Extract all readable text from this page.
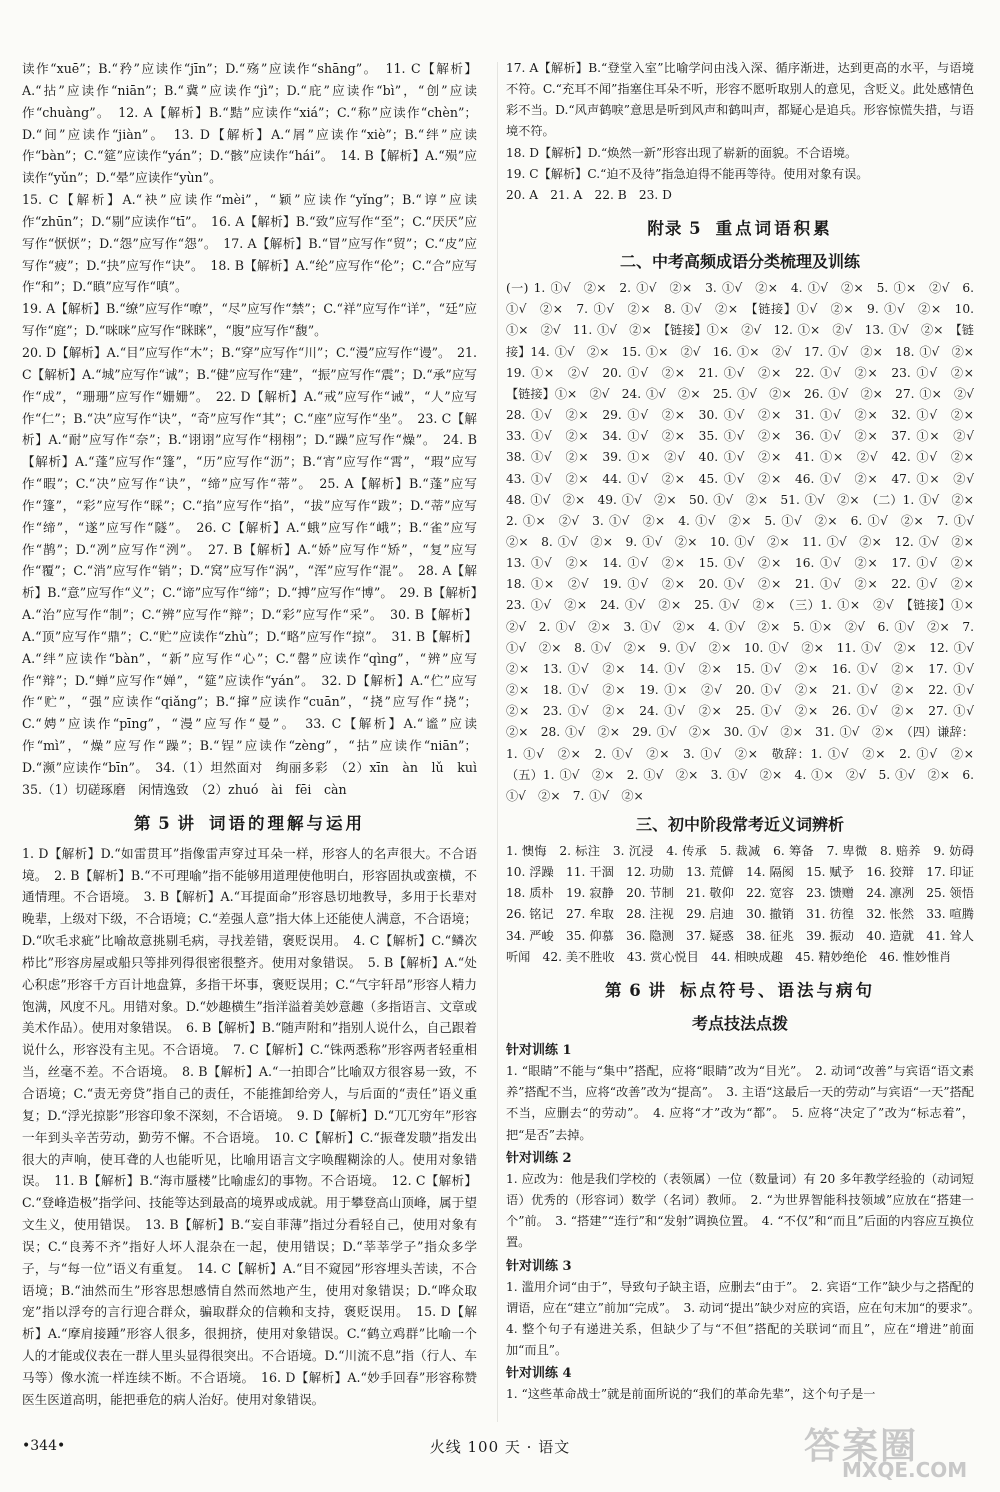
读作“xuē”；B.“矜”应读作“jīn”；D.“殇”应读作“shāng”。　11. C【解析】A.“拈”应读作“niān”；B.“冀”应读作“jì”；D.“庇”应读作“bì”，“创”应读作“chuàng”。　12. A【解析】B.“黠”应读作“xiá”；C.“称”应读作“chèn”；D.“间”应读作“jiàn”。　13. D【解析】A.“屑”应读作“xiè”；B.“绊”应读作“bàn”；C.“筵”应读作“yán”；D.“骸”应读作“hái”。　14. B【解析】A.“殒”应读作“yǔn”；D.“晕”应读作“yùn”。

15. C【解析】A.“袂”应读作“mèi”，“颖”应读作“yǐng”；B.“谆”应读作“zhūn”；D.“剔”应读作“tī”。　16. A【解析】B.“致”应写作“至”；C.“厌厌”应写作“恹恹”；D.“怨”应写作“怨”。　17. A【解析】B.“冒”应写作“贸”；C.“皮”应写作“疲”；D.“抉”应写作“诀”。　18. B【解析】A.“纶”应写作“伦”；C.“合”应写作“和”；D.“瞋”应写作“嗔”。

19. A【解析】B.“缭”应写作“嘹”，“尽”应写作“禁”；C.“祥”应写作“详”，“廷”应写作“庭”；D.“咪咪”应写作“眯眯”，“腹”应写作“馥”。

20. D【解析】A.“目”应写作“木”；B.“穿”应写作“川”；C.“漫”应写作“谩”。　21. C【解析】A.“城”应写作“诚”；B.“健”应写作“建”，“振”应写作“震”；D.“承”应写作“成”，“珊珊”应写作“姗姗”。　22. D【解析】A.“戒”应写作“诫”，“人”应写作“仁”；B.“决”应写作“诀”，“奇”应写作“其”；C.“座”应写作“坐”。　23. C【解析】A.“耐”应写作“奈”；B.“诩诩”应写作“栩栩”；D.“躁”应写作“燥”。　24. B【解析】A.“蓬”应写作“篷”，“历”应写作“沥”；B.“宵”应写作“霄”，“瑕”应写作“暇”；C.“决”应写作“诀”，“缔”应写作“蒂”。　25. A【解析】B.“蓬”应写作“篷”，“彩”应写作“睬”；C.“掐”应写作“掐”，“拔”应写作“跋”；D.“蒂”应写作“缔”，“遂”应写作“隧”。　26. C【解析】A.“蛾”应写作“峨”；B.“雀”应写作“鹊”；D.“冽”应写作“洌”。　27. B【解析】A.“娇”应写作“矫”，“复”应写作“覆”；C.“消”应写作“销”；D.“窝”应写作“涡”，“浑”应写作“混”。　28. A【解析】B.“意”应写作“义”；C.“谛”应写作“缔”；D.“搏”应写作“博”。　29. B【解析】A.“治”应写作“制”；C.“辨”应写作“辩”；D.“彩”应写作“采”。　30. B【解析】A.“顶”应写作“鼎”；C.“贮”应读作“zhù”；D.“略”应写作“掠”。　31. B【解析】A.“绊”应读作“bàn”，“新”应写作“心”；C.“罄”应读作“qìng”，“辨”应写作“辩”；D.“蝉”应写作“婵”，“筵”应读作“yán”。　32. D【解析】A.“伫”应写作“贮”，“强”应读作“qiǎng”；B.“撺”应读作“cuān”，“挠”应写作“挠”；C.“娉”应读作“pīng”，“漫”应写作“曼”。　33. C【解析】A.“谧”应读作“mì”，“燥”应写作“躁”；B.“锃”应读作“zèng”，“拈”应读作“niān”；D.“濒”应读作“bīn”。　34.（1）坦然面对　绚丽多彩　（2）xīn　àn　lǔ　kuì　35.（1）切磋琢磨　闲情逸致　（2）zhuó　ài　fēi　càn

第 5 讲 词语的理解与运用

1. D【解析】D.“如雷贯耳”指像雷声穿过耳朵一样，形容人的名声很大。不合语境。　2. B【解析】B.“不可理喻”指不能够用道理使他明白，形容固执或蛮横，不通情理。不合语境。　3. B【解析】A.“耳提面命”形容恳切地教导，多用于长辈对晚辈，上级对下级，不合语境；C.“差强人意”指大体上还能使人满意，不合语境；D.“吹毛求疵”比喻故意挑剔毛病，寻找差错，褒贬误用。　4. C【解析】C.“鳞次栉比”形容房屋或船只等排列得很密很整齐。使用对象错误。　5. B【解析】A.“处心积虑”形容千方百计地盘算，多指干坏事，褒贬误用；C.“气宇轩昂”形容人精力饱满，风度不凡。用错对象。D.“妙趣横生”指洋溢着美妙意趣（多指语言、文章或美术作品）。使用对象错误。　6. B【解析】B.“随声附和”指别人说什么，自己跟着说什么，形容没有主见。不合语境。　7. C【解析】C.“铢两悉称”形容两者轻重相当，丝毫不差。不合语境。　8. B【解析】A.“一拍即合”比喻双方很容易一致，不合语境；C.“责无旁贷”指自己的责任，不能推卸给旁人，与后面的“责任”语义重复；D.“浮光掠影”形容印象不深刻，不合语境。　9. D【解析】D.“兀兀穷年”形容一年到头辛苦劳动，勤劳不懈。不合语境。　10. C【解析】C.“振聋发聩”指发出很大的声响，使耳聋的人也能听见，比喻用语言文字唤醒糊涂的人。使用对象错误。　11. B【解析】B.“海市蜃楼”比喻虚幻的事物。不合语境。　12. C【解析】C.“登峰造极”指学问、技能等达到最高的境界或成就。用于攀登高山顶峰，属于望文生义，使用错误。　13. B【解析】B.“妄自菲薄”指过分看轻自己，使用对象有误；C.“良莠不齐”指好人坏人混杂在一起，使用错误；D.“莘莘学子”指众多学子，与“每一位”语义有重复。　14. C【解析】A.“目不窥园”形容埋头苦读，不合语境；B.“油然而生”形容思想感情自然而然地产生，使用对象错误；D.“哗众取宠”指以浮夸的言行迎合群众，骗取群众的信赖和支持，褒贬误用。　15. D【解析】A.“摩肩接踵”形容人很多，很拥挤，使用对象错误。C.“鹤立鸡群”比喻一个人的才能或仪表在一群人里头显得很突出。不合语境。D.“川流不息”指（行人、车马等）像水流一样连续不断。不合语境。　16. D【解析】A.“妙手回春”形容称赞医生医道高明，能把垂危的病人治好。使用对象错误。

17. A【解析】B.“登堂入室”比喻学问由浅入深、循序渐进，达到更高的水平，与语境不符。C.“充耳不闻”指塞住耳朵不听，形容不愿听取别人的意见，含贬义。此处感情色彩不当。D.“风声鹤唳”意思是听到风声和鹤叫声，都疑心是追兵。形容惊慌失措，与语境不符。

18. D【解析】D.“焕然一新”形容出现了崭新的面貌。不合语境。

19. C【解析】C.“迫不及待”指急迫得不能再等待。使用对象有误。

20. A　21. A　22. B　23. D

附录 5 重点词语积累
二、中考高频成语分类梳理及训练

(一) 1. ①√　②×　2. ①√　②×　3. ①√　②×　4. ①√　②×　5. ①×　②√　6. ①√　②×　7. ①√　②×　8. ①√　②×　【链接】①√　②×　9. ①√　②×　10. ①×　②√　11. ①√　②×　【链接】①×　②√　12. ①×　②√　13. ①√　②×　【链接】14. ①√　②×　15. ①×　②√　16. ①×　②√　17. ①√　②×　18. ①√　②×　19. ①×　②√　20. ①√　②×　21. ①√　②×　22. ①√　②×　23. ①√　②×　【链接】①×　②√　24. ①√　②×　25. ①√　②×　26. ①√　②×　27. ①×　②√　28. ①√　②×　29. ①√　②×　30. ①√　②×　31. ①√　②×　32. ①√　②×　33. ①√　②×　34. ①√　②×　35. ①√　②×　36. ①√　②×　37. ①×　②√　38. ①√　②×　39. ①×　②√　40. ①√　②×　41. ①×　②√　42. ①√　②×　43. ①√　②×　44. ①√　②×　45. ①√　②×　46. ①√　②×　47. ①×　②√　48. ①√　②×　49. ①√　②×　50. ①√　②×　51. ①√　②×　（二）1. ①√　②×　2. ①×　②√　3. ①√　②×　4. ①√　②×　5. ①√　②×　6. ①√　②×　7. ①√　②×　8. ①√　②×　9. ①√　②×　10. ①√　②×　11. ①√　②×　12. ①√　②×　13. ①√　②×　14. ①√　②×　15. ①√　②×　16. ①√　②×　17. ①√　②×　18. ①×　②√　19. ①√　②×　20. ①√　②×　21. ①√　②×　22. ①√　②×　23. ①√　②×　24. ①√　②×　25. ①√　②×　（三）1. ①×　②√　【链接】①×　②√　2. ①√　②×　3. ①√　②×　4. ①√　②×　5. ①×　②√　6. ①√　②×　7. ①√　②×　8. ①√　②×　9. ①√　②×　10. ①√　②×　11. ①√　②×　12. ①√　②×　13. ①√　②×　14. ①√　②×　15. ①√　②×　16. ①√　②×　17. ①√　②×　18. ①√　②×　19. ①×　②√　20. ①√　②×　21. ①√　②×　22. ①√　②×　23. ①√　②×　24. ①√　②×　25. ①√　②×　26. ①√　②×　27. ①√　②×　28. ①√　②×　29. ①√　②×　30. ①√　②×　31. ①√　②×　（四）谦辞：1. ①√　②×　2. ①√　②×　3. ①√　②×　敬辞：1. ①√　②×　2. ①√　②×　（五）1. ①√　②×　2. ①√　②×　3. ①√　②×　4. ①×　②√　5. ①√　②×　6. ①√　②×　7. ①√　②×

三、初中阶段常考近义词辨析

1. 懊悔　2. 标注　3. 沉浸　4. 传承　5. 裁减　6. 筹备　7. 卑微　8. 赔养　9. 妨碍　10. 浮躁　11. 干涸　12. 功勋　13. 荒僻　14. 隔阂　15. 赋予　16. 狡辩　17. 印证　18. 质朴　19. 寂静　20. 节制　21. 敬仰　22. 宽容　23. 馈赠　24. 凛冽　25. 领悟　26. 铭记　27. 牟取　28. 注视　29. 启迪　30. 撤销　31. 彷徨　32. 怅然　33. 喧腾　34. 严峻　35. 仰慕　36. 隐测　37. 疑惑　38. 征兆　39. 振动　40. 造就　41. 耸人听闻　42. 美不胜收　43. 赏心悦目　44. 相映成趣　45. 精妙绝伦　46. 惟妙惟肖

第 6 讲 标点符号、语法与病句
考点技法点拨
针对训练 1

1. “眼睛”不能与“集中”搭配，应将“眼睛”改为“目光”。　2. 动词“改善”与宾语“语文素养”搭配不当，应将“改善”改为“提高”。　3. 主语“这最后一天的劳动”与宾语“一天”搭配不当，应删去“的劳动”。　4. 应将“才”改为“都”。　5. 应将“决定了”改为“标志着”，把“是否”去掉。

针对训练 2

1. 应改为：他是我们学校的（表领属）一位（数量词）有 20 多年教学经验的（动词短语）优秀的（形容词）数学（名词）教师。　2. “为世界智能科技领域”应放在“搭建一个”前。　3. “搭建”“连行”和“发射”调换位置。　4. “不仅”和“而且”后面的内容应互换位置。

针对训练 3

1. 滥用介词“由于”，导致句子缺主语，应删去“由于”。　2. 宾语“工作”缺少与之搭配的谓语，应在“建立”前加“完成”。　3. 动词“提出”缺少对应的宾语，应在句末加“的要求”。　4. 整个句子有递进关系，但缺少了与“不但”搭配的关联词“而且”，应在“增进”前面加“而且”。

针对训练 4

1. “这些革命战士”就是前面所说的“我们的革命先辈”，这个句子是一

•344•	火线 100 天 · 语文	答案圈
MXQE.COM
